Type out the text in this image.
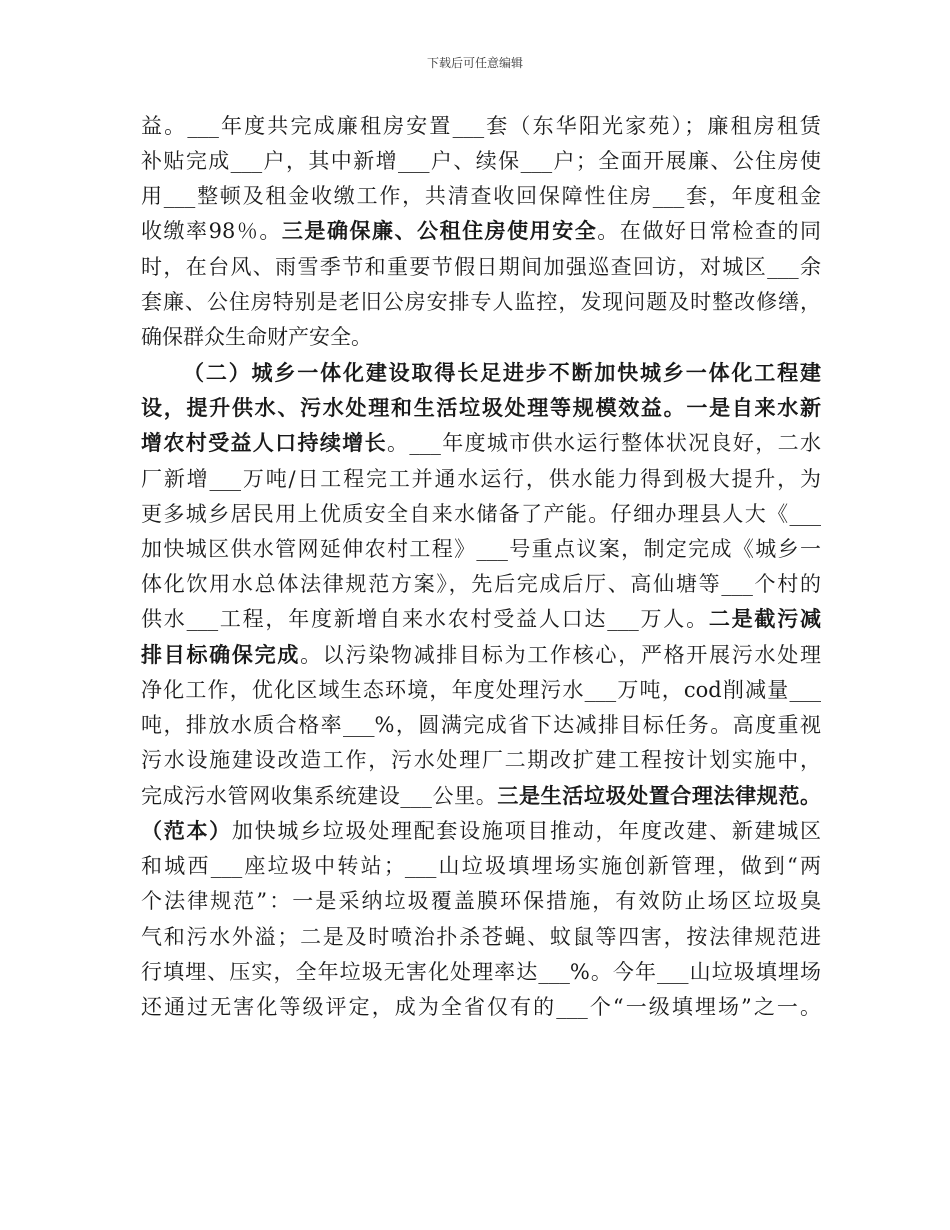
下载后可任意编辑
益。___年度共完成廉租房安置___套（东华阳光家苑）；廉租房租赁
补贴完成___户，其中新增___户、续保___户；全面开展廉、公住房使
用___整顿及租金收缴工作，共清查收回保障性住房___套，年度租金
收缴率98％。三是确保廉、公租住房使用安全。在做好日常检查的同
时，在台风、雨雪季节和重要节假日期间加强巡查回访，对城区___余
套廉、公住房特别是老旧公房安排专人监控，发现问题及时整改修缮，
确保群众生命财产安全。
（二）城乡一体化建设取得长足进步不断加快城乡一体化工程建
设，提升供水、污水处理和生活垃圾处理等规模效益。一是自来水新
增农村受益人口持续增长。___年度城市供水运行整体状况良好，二水
厂新增___万吨/日工程完工并通水运行，供水能力得到极大提升，为
更多城乡居民用上优质安全自来水储备了产能。仔细办理县人大《___
加快城区供水管网延伸农村工程》___号重点议案，制定完成《城乡一
体化饮用水总体法律规范方案》，先后完成后厅、高仙塘等___个村的
供水___工程，年度新增自来水农村受益人口达___万人。二是截污减
排目标确保完成。以污染物减排目标为工作核心，严格开展污水处理
净化工作，优化区域生态环境，年度处理污水___万吨，cod削减量___
吨，排放水质合格率___%，圆满完成省下达减排目标任务。高度重视
污水设施建设改造工作，污水处理厂二期改扩建工程按计划实施中，
完成污水管网收集系统建设___公里。三是生活垃圾处置合理法律规范。
（范本）加快城乡垃圾处理配套设施项目推动，年度改建、新建城区
和城西___座垃圾中转站；___山垃圾填埋场实施创新管理，做到“两
个法律规范”：一是采纳垃圾覆盖膜环保措施，有效防止场区垃圾臭
气和污水外溢；二是及时喷治扑杀苍蝇、蚊鼠等四害，按法律规范进
行填埋、压实，全年垃圾无害化处理率达___%。今年___山垃圾填埋场
还通过无害化等级评定，成为全省仅有的___个“一级填埋场”之一。
